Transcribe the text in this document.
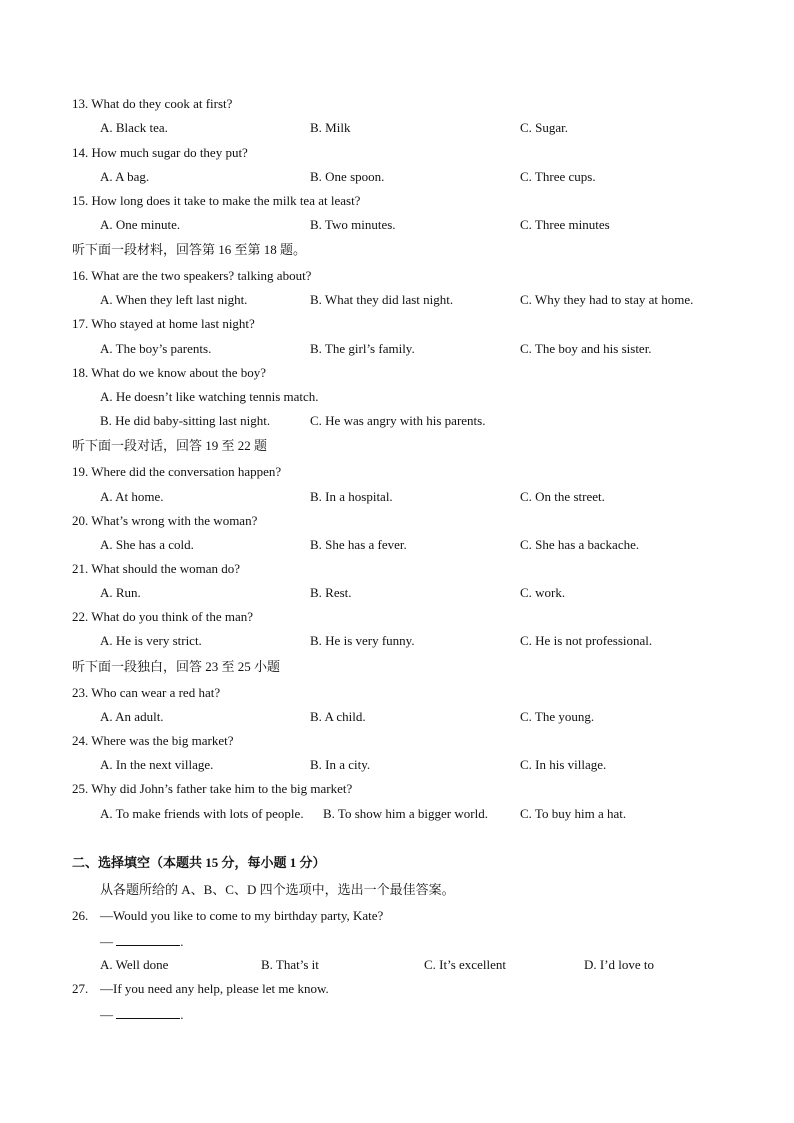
13. What do they cook at first?
A. Black tea.	B. Milk	C. Sugar.
14. How much sugar do they put?
A. A bag.	B. One spoon.	C. Three cups.
15. How long does it take to make the milk tea at least?
A. One minute.	B. Two minutes.	C. Three minutes
听下面一段材料，回答第 16 至第 18 题。
16. What are the two speakers? talking about?
A. When they left last night.	B. What they did last night.	C. Why they had to stay at home.
17. Who stayed at home last night?
A. The boy’s parents.	B. The girl’s family.	C. The boy and his sister.
18. What do we know about the boy?
A. He doesn’t like watching tennis match.
B. He did baby-sitting last night.	C. He was angry with his parents.
听下面一段对话，回答 19 至 22 题
19. Where did the conversation happen?
A. At home.	B. In a hospital.	C. On the street.
20. What’s wrong with the woman?
A. She has a cold.	B. She has a fever.	C. She has a backache.
21. What should the woman do?
A. Run.	B. Rest.	C. work.
22. What do you think of the man?
A. He is very strict.	B. He is very funny.	C. He is not professional.
听下面一段独白，回答 23 至 25 小题
23. Who can wear a red hat?
A. An adult.	B. A child.	C. The young.
24. Where was the big market?
A. In the next village.	B. In a city.	C. In his village.
25. Why did John’s father take him to the big market?
A. To make friends with lots of people. B. To show him a bigger world. C. To buy him a hat.
二、选择填空（本题共 15 分，每小题 1 分）
从各题所给的 A、B、C、D 四个选项中，选出一个最佳答案。
26. —Would you like to come to my birthday party, Kate?
—	.
A. Well done	B. That’s it	C. It’s excellent	D. I’d love to
27. —If you need any help, please let me know.
—	.
